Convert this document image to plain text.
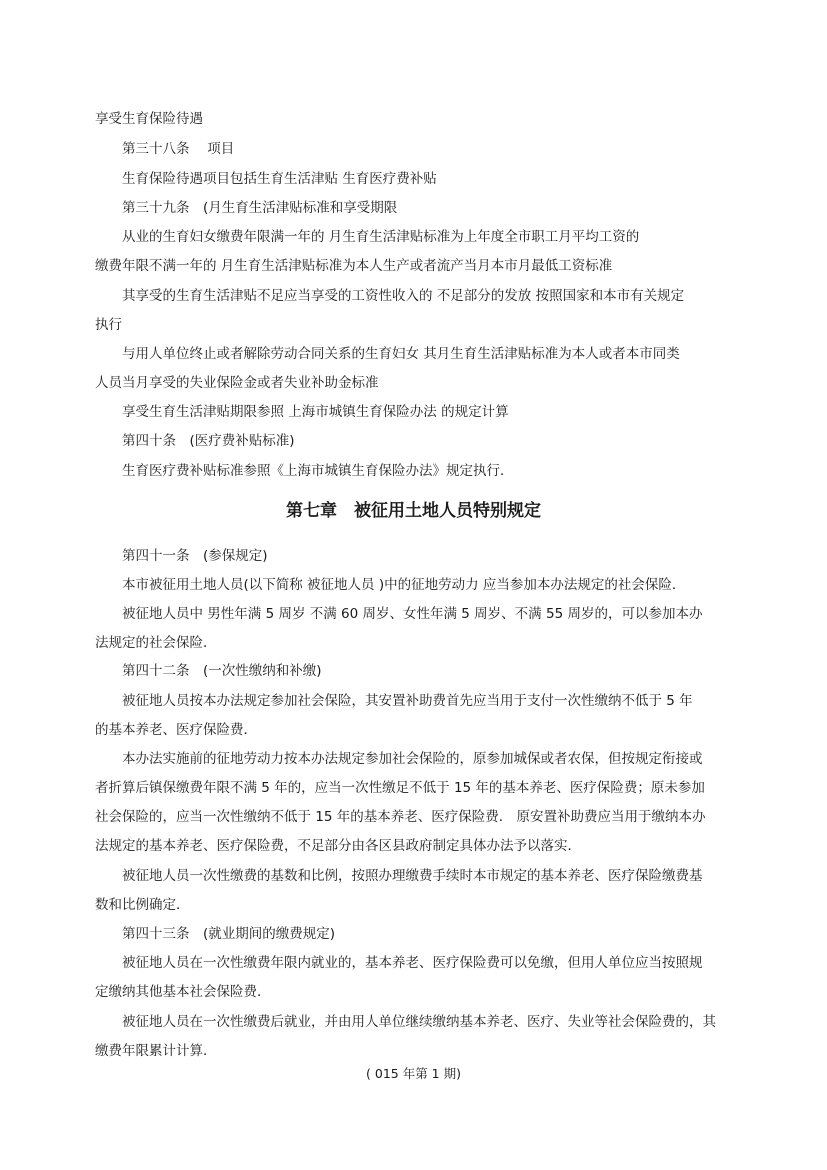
享受生育保险待遇
第三十八条　 项目
生育保险待遇项目包括生育生活津贴 生育医疗费补贴
第三十九条　(月生育生活津贴标准和享受期限
从业的生育妇女缴费年限满一年的 月生育生活津贴标准为上年度全市职工月平均工资的
缴费年限不满一年的 月生育生活津贴标准为本人生产或者流产当月本市月最低工资标准
其享受的生育生活津贴不足应当享受的工资性收入的 不足部分的发放 按照国家和本市有关规定
执行
与用人单位终止或者解除劳动合同关系的生育妇女 其月生育生活津贴标准为本人或者本市同类
人员当月享受的失业保险金或者失业补助金标准
享受生育生活津贴期限参照 上海市城镇生育保险办法 的规定计算
第四十条　(医疗费补贴标准)
生育医疗费补贴标准参照《上海市城镇生育保险办法》规定执行．
第七章　被征用土地人员特别规定
第四十一条　(参保规定)
本市被征用土地人员(以下简称 被征地人员 )中的征地劳动力 应当参加本办法规定的社会保险．
被征地人员中 男性年满 5 周岁 不满 60 周岁、女性年满 5 周岁、不满 55 周岁的，可以参加本办
法规定的社会保险．
第四十二条　(一次性缴纳和补缴)
被征地人员按本办法规定参加社会保险，其安置补助费首先应当用于支付一次性缴纳不低于 5 年
的基本养老、医疗保险费．
本办法实施前的征地劳动力按本办法规定参加社会保险的，原参加城保或者农保，但按规定衔接或
者折算后镇保缴费年限不满 5 年的，应当一次性缴足不低于 15 年的基本养老、医疗保险费；原未参加
社会保险的，应当一次性缴纳不低于 15 年的基本养老、医疗保险费． 原安置补助费应当用于缴纳本办
法规定的基本养老、医疗保险费，不足部分由各区县政府制定具体办法予以落实．
被征地人员一次性缴费的基数和比例，按照办理缴费手续时本市规定的基本养老、医疗保险缴费基
数和比例确定．
第四十三条　(就业期间的缴费规定)
被征地人员在一次性缴费年限内就业的，基本养老、医疗保险费可以免缴，但用人单位应当按照规
定缴纳其他基本社会保险费．
被征地人员在一次性缴费后就业，并由用人单位继续缴纳基本养老、医疗、失业等社会保险费的，其
缴费年限累计计算．
( 015 年第 1 期)
